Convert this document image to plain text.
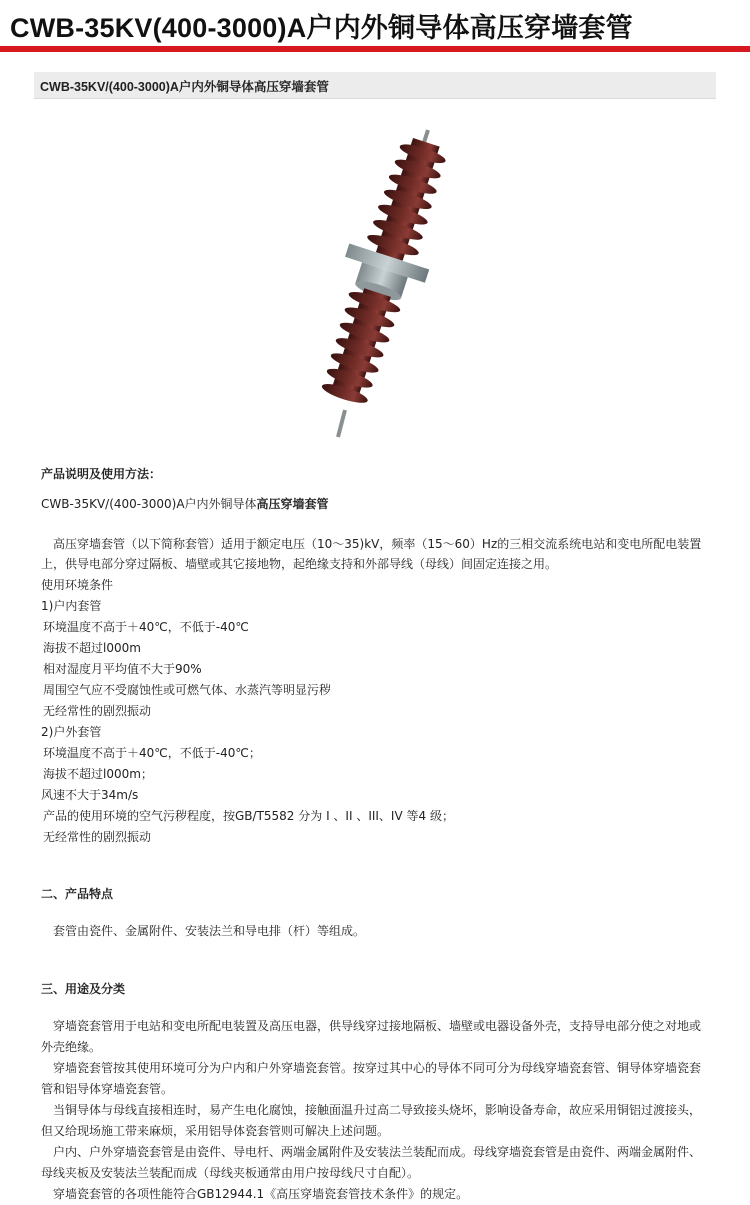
CWB-35KV(400-3000)A户内外铜导体高压穿墙套管
CWB-35KV/(400-3000)A户内外铜导体高压穿墙套管
产品说明及使用方法：
CWB-35KV/(400-3000)A户内外铜导体高压穿墙套管
高压穿墙套管（以下简称套管）适用于额定电压（10～35)kV，频率（15～60）Hz的三相交流系统电站和变电所配电装置
上，供导电部分穿过隔板、墙壁或其它接地物，起绝缘支持和外部导线（母线）间固定连接之用。
使用环境条件
1)户内套管
环境温度不高于＋40℃，不低于-40℃
海拔不超过l000m
相对湿度月平均值不大于90%
周围空气应不受腐蚀性或可燃气体、水蒸汽等明显污秽
无经常性的剧烈振动
2)户外套管
环境温度不高于＋40℃，不低于-40℃；
海拔不超过l000m；
风速不大于34m/s
产品的使用环境的空气污秽程度，按GB/T5582 分为 I 、II 、III、IV 等4 级；
无经常性的剧烈振动
二、产品特点
套管由瓷件、金属附件、安装法兰和导电排（杆）等组成。
三、用途及分类
穿墙瓷套管用于电站和变电所配电装置及高压电器，供导线穿过接地隔板、墙壁或电器设备外壳，支持导电部分使之对地或
外壳绝缘。
穿墙瓷套管按其使用环境可分为户内和户外穿墙瓷套管。按穿过其中心的导体不同可分为母线穿墙瓷套管、铜导体穿墙瓷套
管和铝导体穿墙瓷套管。
当铜导体与母线直接相连时，易产生电化腐蚀，接触面温升过高二导致接头烧坏，影响设备寿命，故应采用铜铝过渡接头，
但又给现场施工带来麻烦，采用铝导体瓷套管则可解决上述问题。
户内、户外穿墙瓷套管是由瓷件、导电杆、两端金属附件及安装法兰装配而成。母线穿墙瓷套管是由瓷件、两端金属附件、
母线夹板及安装法兰装配而成（母线夹板通常由用户按母线尺寸自配）。
穿墙瓷套管的各项性能符合GB12944.1《高压穿墙瓷套管技术条件》的规定。
